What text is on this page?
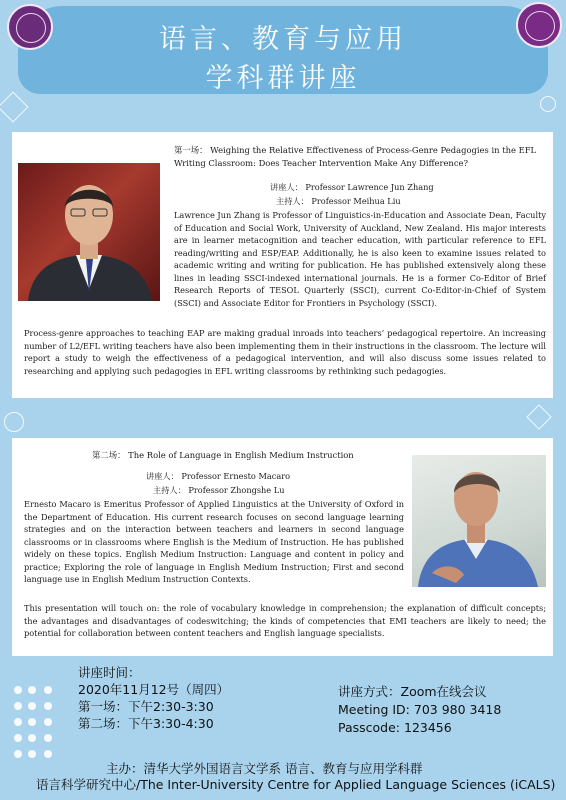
语言、教育与应用
学科群讲座
第一场： Weighing the Relative Effectiveness of Process-Genre Pedagogies in the EFL Writing Classroom: Does Teacher Intervention Make Any Difference?
讲座人： Professor Lawrence Jun Zhang
主持人： Professor Meihua Liu
Lawrence Jun Zhang is Professor of Linguistics-in-Education and Associate Dean, Faculty of Education and Social Work, University of Auckland, New Zealand. His major interests are in learner metacognition and teacher education, with particular reference to EFL reading/writing and ESP/EAP. Additionally, he is also keen to examine issues related to academic writing and writing for publication. He has published extensively along these lines in leading SSCI-indexed international journals. He is a former Co-Editor of Brief Research Reports of TESOL Quarterly (SSCI), current Co-Editor-in-Chief of System (SSCI) and Associate Editor for Frontiers in Psychology (SSCI).
Process-genre approaches to teaching EAP are making gradual inroads into teachers’ pedagogical repertoire. An increasing number of L2/EFL writing teachers have also been implementing them in their instructions in the classroom. The lecture will report a study to weigh the effectiveness of a pedagogical intervention, and will also discuss some issues related to researching and applying such pedagogies in EFL writing classrooms by rethinking such pedagogies.
第二场： The Role of Language in English Medium Instruction
讲座人： Professor Ernesto Macaro
主持人： Professor Zhongshe Lu
Ernesto Macaro is Emeritus Professor of Applied Linguistics at the University of Oxford in the Department of Education. His current research focuses on second language learning strategies and on the interaction between teachers and learners in second language classrooms or in classrooms where English is the Medium of Instruction. He has published widely on these topics. English Medium Instruction: Language and content in policy and practice; Exploring the role of language in English Medium Instruction; First and second language use in English Medium Instruction Contexts.
This presentation will touch on: the role of vocabulary knowledge in comprehension; the explanation of difficult concepts; the advantages and disadvantages of codeswitching; the kinds of competencies that EMI teachers are likely to need; the potential for collaboration between content teachers and English language specialists.
讲座时间：
2020年11月12号（周四）
第一场：下午2:30-3:30
第二场：下午3:30-4:30
讲座方式：Zoom在线会议
Meeting ID: 703 980 3418
Passcode: 123456
主办：清华大学外国语言文学系 语言、教育与应用学科群
语言科学研究中心/The Inter-University Centre for Applied Language Sciences (iCALS)
